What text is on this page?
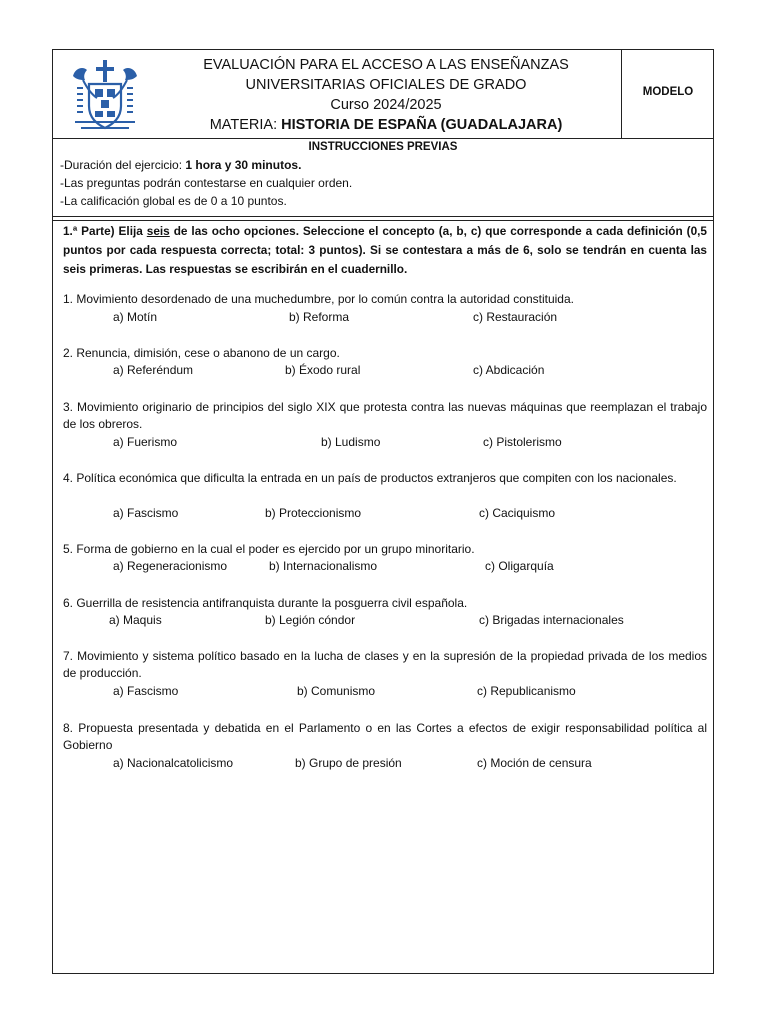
EVALUACIÓN PARA EL ACCESO A LAS ENSEÑANZAS
UNIVERSITARIAS OFICIALES DE GRADO
Curso 2024/2025
MATERIA: HISTORIA DE ESPAÑA (GUADALAJARA)
MODELO
INSTRUCCIONES PREVIAS
-Duración del ejercicio: 1 hora y 30 minutos.
-Las preguntas podrán contestarse en cualquier orden.
-La calificación global es de 0 a 10 puntos.
1.ª Parte) Elija seis de las ocho opciones. Seleccione el concepto (a, b, c) que corresponde a cada definición (0,5 puntos por cada respuesta correcta; total: 3 puntos). Si se contestara a más de 6, solo se tendrán en cuenta las seis primeras. Las respuestas se escribirán en el cuadernillo.
1. Movimiento desordenado de una muchedumbre, por lo común contra la autoridad constituida.
a) Motín	b) Reforma	c) Restauración
2. Renuncia, dimisión, cese o abanono de un cargo.
a) Referéndum	b) Éxodo rural	c) Abdicación
3. Movimiento originario de principios del siglo XIX que protesta contra las nuevas máquinas que reemplazan el trabajo de los obreros.
a) Fuerismo	b) Ludismo	c) Pistolerismo
4. Política económica que dificulta la entrada en un país de productos extranjeros que compiten con los nacionales.
a) Fascismo	b) Proteccionismo	c) Caciquismo
5. Forma de gobierno en la cual el poder es ejercido por un grupo minoritario.
a) Regeneracionismo	b) Internacionalismo	c) Oligarquía
6. Guerrilla de resistencia antifranquista durante la posguerra civil española.
a) Maquis	b) Legión cóndor	c) Brigadas internacionales
7. Movimiento y sistema político basado en la lucha de clases y en la supresión de la propiedad privada de los medios de producción.
a) Fascismo	b) Comunismo	c) Republicanismo
8. Propuesta presentada y debatida en el Parlamento o en las Cortes a efectos de exigir responsabilidad política al Gobierno
a) Nacionalcatolicismo	b) Grupo de presión	c) Moción de censura
